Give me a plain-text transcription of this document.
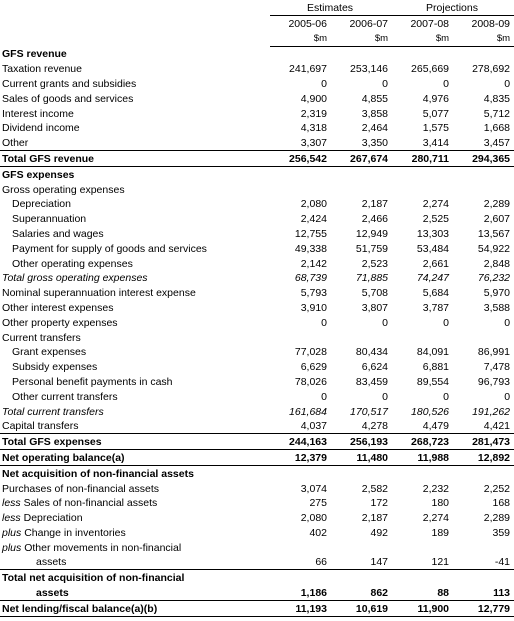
	Estimates		Projections	
	2005-06	2006-07	2007-08	2008-09
	$m	$m	$m	$m
GFS revenue				
Taxation revenue	241,697	253,146	265,669	278,692
Current grants and subsidies	0	0	0	0
Sales of goods and services	4,900	4,855	4,976	4,835
Interest income	2,319	3,858	5,077	5,712
Dividend income	4,318	2,464	1,575	1,668
Other	3,307	3,350	3,414	3,457
Total GFS revenue	256,542	267,674	280,711	294,365
GFS expenses				
Gross operating expenses				
Depreciation	2,080	2,187	2,274	2,289
Superannuation	2,424	2,466	2,525	2,607
Salaries and wages	12,755	12,949	13,303	13,567
Payment for supply of goods and services	49,338	51,759	53,484	54,922
Other operating expenses	2,142	2,523	2,661	2,848
Total gross operating expenses	68,739	71,885	74,247	76,232
Nominal superannuation interest expense	5,793	5,708	5,684	5,970
Other interest expenses	3,910	3,807	3,787	3,588
Other property expenses	0	0	0	0
Current transfers				
Grant expenses	77,028	80,434	84,091	86,991
Subsidy expenses	6,629	6,624	6,881	7,478
Personal benefit payments in cash	78,026	83,459	89,554	96,793
Other current transfers	0	0	0	0
Total current transfers	161,684	170,517	180,526	191,262
Capital transfers	4,037	4,278	4,479	4,421
Total GFS expenses	244,163	256,193	268,723	281,473
Net operating balance(a)	12,379	11,480	11,988	12,892
Net acquisition of non-financial assets				
Purchases of non-financial assets	3,074	2,582	2,232	2,252
less Sales of non-financial assets	275	172	180	168
less Depreciation	2,080	2,187	2,274	2,289
plus Change in inventories	402	492	189	359
plus Other movements in non-financial				
assets	66	147	121	-41
Total net acquisition of non-financial				
assets	1,186	862	88	113
Net lending/fiscal balance(a)(b)	11,193	10,619	11,900	12,779
